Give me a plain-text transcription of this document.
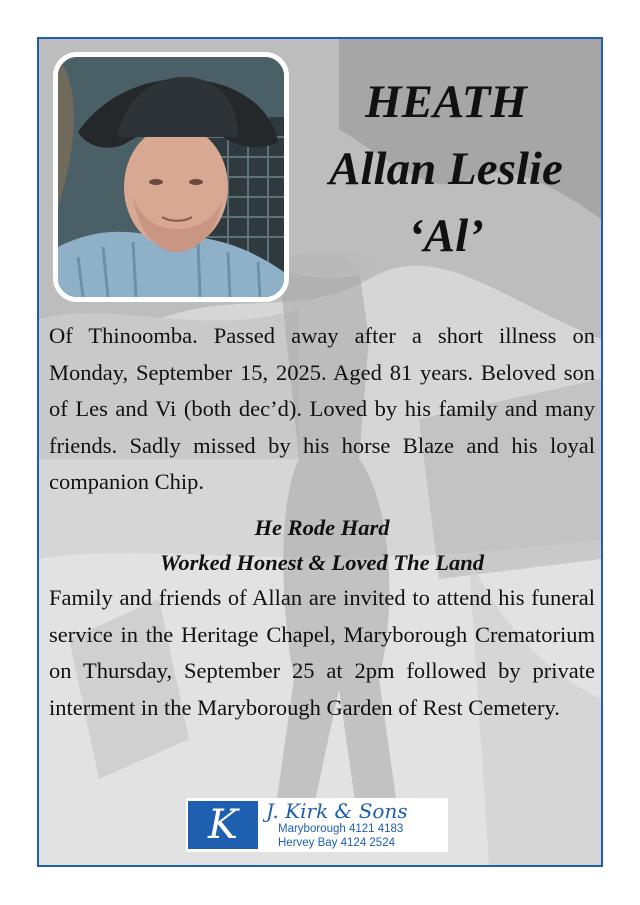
HEATH
Allan Leslie
‘Al’
Of Thinoomba. Passed away after a short illness on Monday, September 15, 2025. Aged 81 years. Beloved son of Les and Vi (both dec’d). Loved by his family and many friends. Sadly missed by his horse Blaze and his loyal companion Chip.
He Rode Hard
Worked Honest & Loved The Land
Family and friends of Allan are invited to attend his funeral service in the Heritage Chapel, Maryborough Crematorium on Thursday, September 25 at 2pm followed by private interment in the Maryborough Garden of Rest Cemetery.
K J. Kirk & Sons
Maryborough 4121 4183
Hervey Bay 4124 2524
